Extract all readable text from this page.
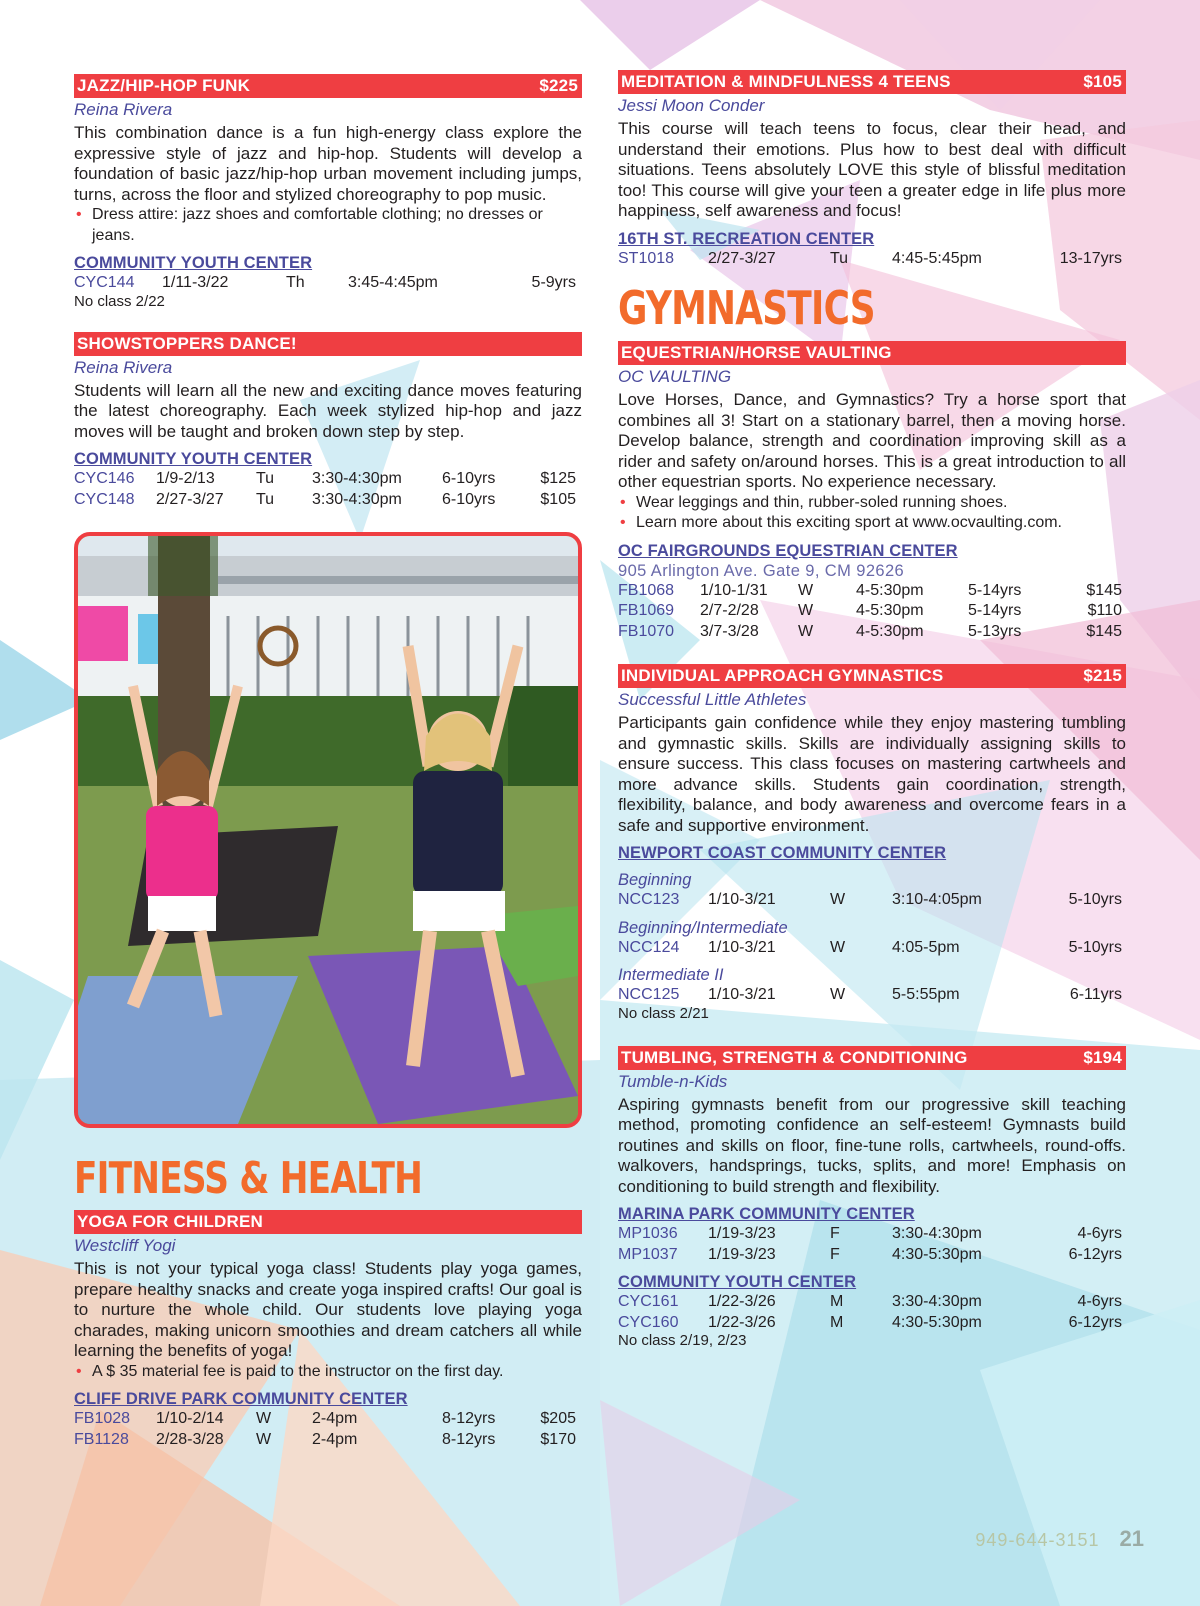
JAZZ/HIP-HOP FUNK	$225
Reina Rivera

This combination dance is a fun high-energy class explore the expressive style of jazz and hip-hop. Students will develop a foundation of basic jazz/hip-hop urban movement including jumps, turns, across the floor and stylized choreography to pop music.

• Dress attire: jazz shoes and comfortable clothing; no dresses or jeans.
COMMUNITY YOUTH CENTER
CYC144 1/11-3/22	Th	3:45-4:45pm	5-9yrs
No class 2/22
SHOWSTOPPERS DANCE!
Reina Rivera

Students will learn all the new and exciting dance moves featuring the latest choreography. Each week stylized hip-hop and jazz moves will be taught and broken down step by step.

COMMUNITY YOUTH CENTER
CYC146 1/9-2/13	Tu 3:30-4:30pm	6-10yrs	$125
CYC148 2/27-3/27 Tu 3:30-4:30pm	6-10yrs	$105
FITNESS & HEALTH
YOGA FOR CHILDREN
Westcliff Yogi

This is not your typical yoga class! Students play yoga games, prepare healthy snacks and create yoga inspired crafts! Our goal is to nurture the whole child. Our students love playing yoga charades, making unicorn smoothies and dream catchers all while learning the benefits of yoga!

• A $ 35 material fee is paid to the instructor on the first day.
CLIFF DRIVE PARK COMMUNITY CENTER
FB1028 1/10-2/14 W	2-4pm	8-12yrs	$205
FB1128 2/28-3/28 W	2-4pm	8-12yrs	$170
MEDITATION & MINDFULNESS 4 TEENS	$105
Jessi Moon Conder

This course will teach teens to focus, clear their head, and understand their emotions. Plus how to best deal with difficult situations. Teens absolutely LOVE this style of blissful meditation too! This course will give your teen a greater edge in life plus more happiness, self awareness and focus!

16TH ST. RECREATION CENTER
ST1018 2/27-3/27	Tu	4:45-5:45pm	13-17yrs
GYMNASTICS
EQUESTRIAN/HORSE VAULTING
OC VAULTING

Love Horses, Dance, and Gymnastics? Try a horse sport that combines all 3! Start on a stationary barrel, then a moving horse. Develop balance, strength and coordination improving skill as a rider and safety on/around horses. This is a great introduction to all other equestrian sports. No experience necessary.

• Wear leggings and thin, rubber-soled running shoes.
• Learn more about this exciting sport at www.ocvaulting.com.
OC FAIRGROUNDS EQUESTRIAN CENTER
905 Arlington Ave. Gate 9, CM 92626
FB1068 1/10-1/31 W	4-5:30pm	5-14yrs	$145
FB1069 2/7-2/28 W	4-5:30pm	5-14yrs	$110
FB1070 3/7-3/28 W	4-5:30pm	5-13yrs	$145
INDIVIDUAL APPROACH GYMNASTICS	$215
Successful Little Athletes

Participants gain confidence while they enjoy mastering tumbling and gymnastic skills. Skills are individually assigning skills to ensure success. This class focuses on mastering cartwheels and more advance skills. Students gain coordination, strength, flexibility, balance, and body awareness and overcome fears in a safe and supportive environment.

NEWPORT COAST COMMUNITY CENTER
Beginning
NCC123 1/10-3/21	W	3:10-4:05pm	5-10yrs
Beginning/Intermediate
NCC124 1/10-3/21	W	4:05-5pm	5-10yrs
Intermediate II
NCC125 1/10-3/21	W	5-5:55pm	6-11yrs
No class 2/21
TUMBLING, STRENGTH & CONDITIONING	$194
Tumble-n-Kids

Aspiring gymnasts benefit from our progressive skill teaching method, promoting confidence an self-esteem! Gymnasts build routines and skills on floor, fine-tune rolls, cartwheels, round-offs. walkovers, handsprings, tucks, splits, and more! Emphasis on conditioning to build strength and flexibility.

MARINA PARK COMMUNITY CENTER
MP1036 1/19-3/23	F	3:30-4:30pm	4-6yrs
MP1037 1/19-3/23	F	4:30-5:30pm	6-12yrs
COMMUNITY YOUTH CENTER
CYC161 1/22-3/26	M	3:30-4:30pm	4-6yrs
CYC160 1/22-3/26	M	4:30-5:30pm	6-12yrs
No class 2/19, 2/23
949-644-3151 21
